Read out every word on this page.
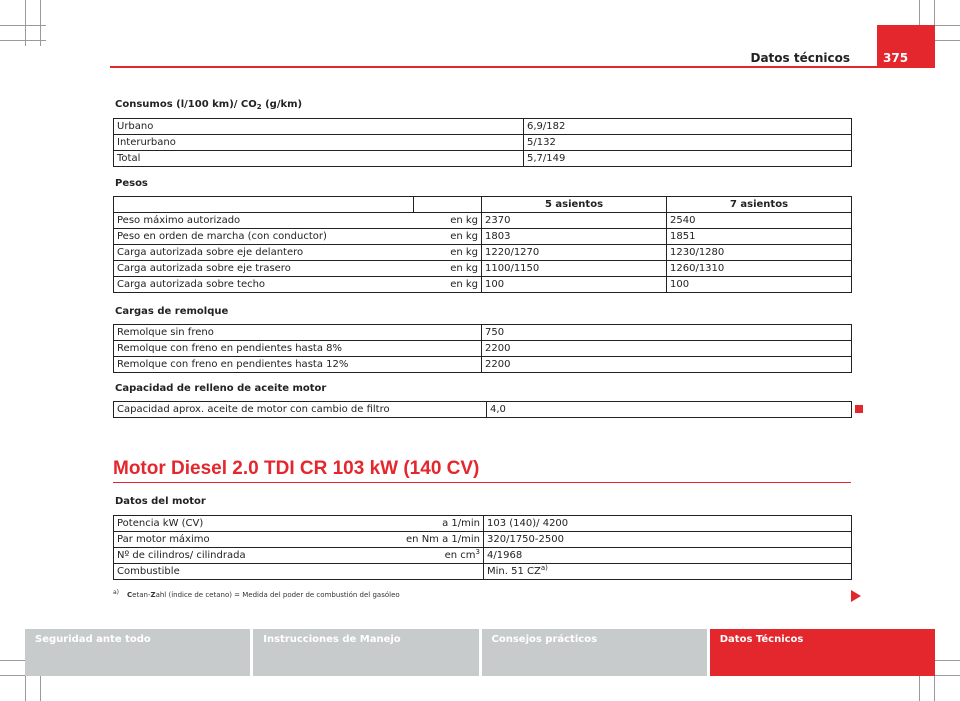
Datos técnicos	375
Consumos (l/100 km)/ $CO_2$ (g/km)
Urbano	6,9/182
Interurbano	5/132
Total	5,7/149
Pesos
		5 asientos	7 asientos
Peso máximo autorizado	en kg	2370	2540
Peso en orden de marcha (con conductor)	en kg	1803	1851
Carga autorizada sobre eje delantero	en kg	1220/1270	1230/1280
Carga autorizada sobre eje trasero	en kg	1100/1150	1260/1310
Carga autorizada sobre techo	en kg	100	100
Cargas de remolque
Remolque sin freno	750
Remolque con freno en pendientes hasta 8%	2200
Remolque con freno en pendientes hasta 12%	2200
Capacidad de relleno de aceite motor
Capacidad aprox. aceite de motor con cambio de filtro	4,0
Motor Diesel 2.0 TDI CR 103 kW (140 CV)
Datos del motor
Potencia kW (CV)	a 1/min	103 (140)/ 4200
Par motor máximo	en Nm a 1/min	320/1750-2500
Nº de cilindros/ cilindrada	en $cm^3$	4/1968
Combustible		Min. 51 CZ$^{a)}$
$^{a)}$ Cetan-Zahl (índice de cetano) = Medida del poder de combustión del gasóleo
Seguridad ante todo	Instrucciones de Manejo	Consejos prácticos	Datos Técnicos
